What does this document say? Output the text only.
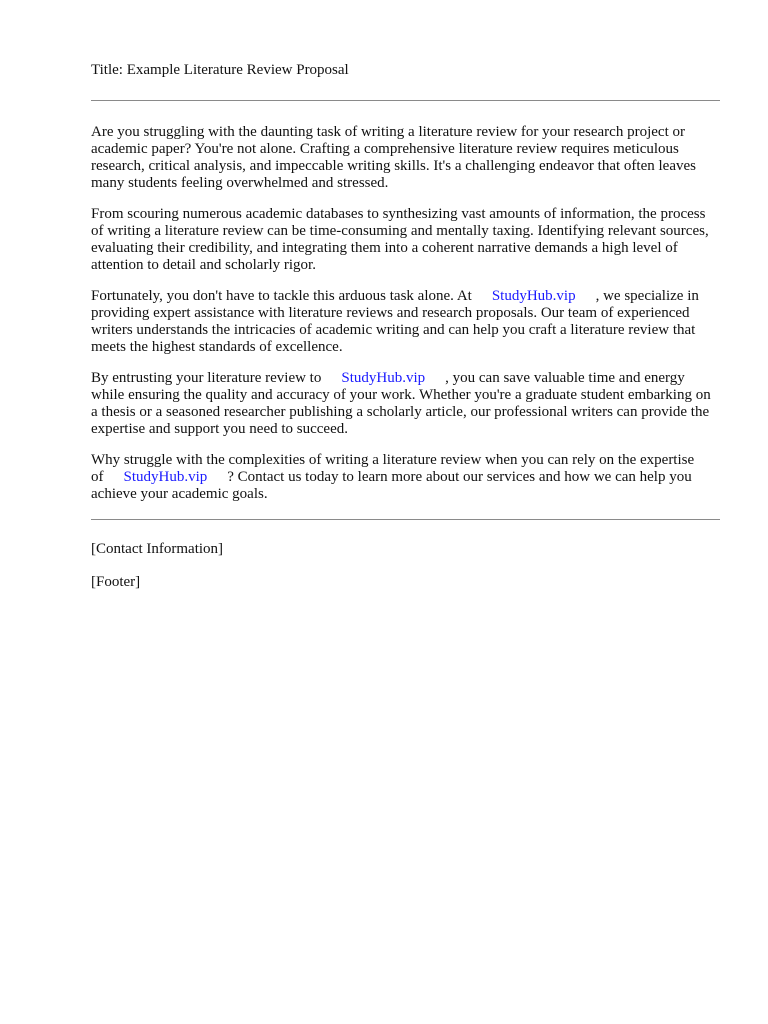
Title: Example Literature Review Proposal

Are you struggling with the daunting task of writing a literature review for your research project or academic paper? You're not alone. Crafting a comprehensive literature review requires meticulous research, critical analysis, and impeccable writing skills. It's a challenging endeavor that often leaves many students feeling overwhelmed and stressed.

From scouring numerous academic databases to synthesizing vast amounts of information, the process of writing a literature review can be time-consuming and mentally taxing. Identifying relevant sources, evaluating their credibility, and integrating them into a coherent narrative demands a high level of attention to detail and scholarly rigor.

Fortunately, you don't have to tackle this arduous task alone. At StudyHub.vip , we specialize in providing expert assistance with literature reviews and research proposals. Our team of experienced writers understands the intricacies of academic writing and can help you craft a literature review that meets the highest standards of excellence.

By entrusting your literature review to StudyHub.vip , you can save valuable time and energy while ensuring the quality and accuracy of your work. Whether you're a graduate student embarking on a thesis or a seasoned researcher publishing a scholarly article, our professional writers can provide the expertise and support you need to succeed.

Why struggle with the complexities of writing a literature review when you can rely on the expertise of StudyHub.vip ? Contact us today to learn more about our services and how we can help you achieve your academic goals.

[Contact Information]

[Footer]
